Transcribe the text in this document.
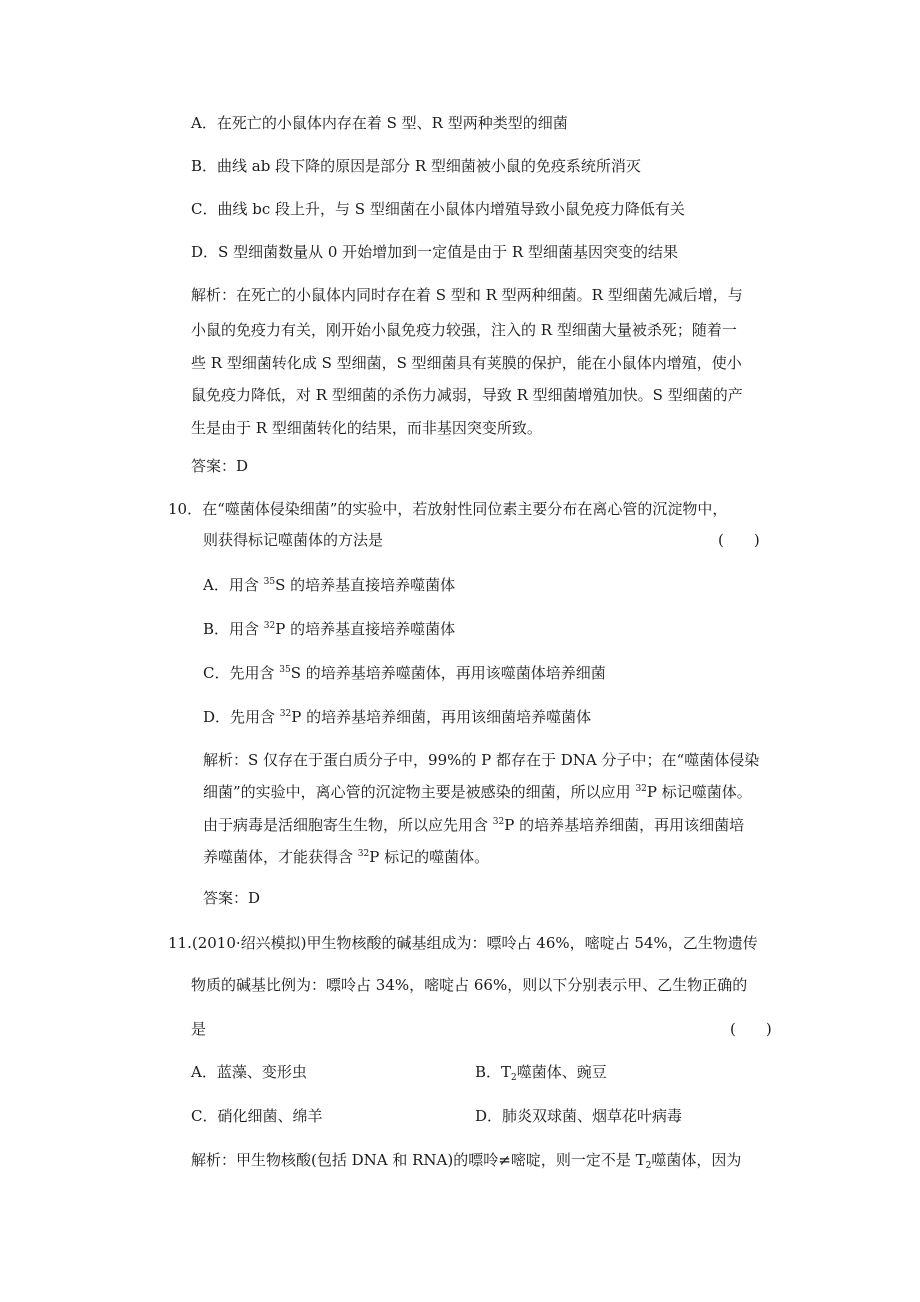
A．在死亡的小鼠体内存在着 S 型、R 型两种类型的细菌
B．曲线 ab 段下降的原因是部分 R 型细菌被小鼠的免疫系统所消灭
C．曲线 bc 段上升，与 S 型细菌在小鼠体内增殖导致小鼠免疫力降低有关
D．S 型细菌数量从 0 开始增加到一定值是由于 R 型细菌基因突变的结果
解析：在死亡的小鼠体内同时存在着 S 型和 R 型两种细菌。R 型细菌先减后增，与
小鼠的免疫力有关，刚开始小鼠免疫力较强，注入的 R 型细菌大量被杀死；随着一
些 R 型细菌转化成 S 型细菌，S 型细菌具有荚膜的保护，能在小鼠体内增殖，使小
鼠免疫力降低，对 R 型细菌的杀伤力减弱，导致 R 型细菌增殖加快。S 型细菌的产
生是由于 R 型细菌转化的结果，而非基因突变所致。
答案：D
10．在“噬菌体侵染细菌”的实验中，若放射性同位素主要分布在离心管的沉淀物中，
则获得标记噬菌体的方法是	(　　)
A．用含 $^{35}$S 的培养基直接培养噬菌体
B．用含 $^{32}$P 的培养基直接培养噬菌体
C．先用含 $^{35}$S 的培养基培养噬菌体，再用该噬菌体培养细菌
D．先用含 $^{32}$P 的培养基培养细菌，再用该细菌培养噬菌体
解析：S 仅存在于蛋白质分子中，99%的 P 都存在于 DNA 分子中；在“噬菌体侵染
细菌”的实验中，离心管的沉淀物主要是被感染的细菌，所以应用 $^{32}$P 标记噬菌体。
由于病毒是活细胞寄生生物，所以应先用含 $^{32}$P 的培养基培养细菌，再用该细菌培
养噬菌体，才能获得含 $^{32}$P 标记的噬菌体。
答案：D
11.(2010·绍兴模拟)甲生物核酸的碱基组成为：嘌呤占 46%，嘧啶占 54%，乙生物遗传
物质的碱基比例为：嘌呤占 34%，嘧啶占 66%，则以下分别表示甲、乙生物正确的
是	(　　)
A．蓝藻、变形虫	B．$T_2$噬菌体、豌豆
C．硝化细菌、绵羊	D．肺炎双球菌、烟草花叶病毒
解析：甲生物核酸(包括 DNA 和 RNA)的嘌呤≠嘧啶，则一定不是 $T_2$噬菌体，因为
